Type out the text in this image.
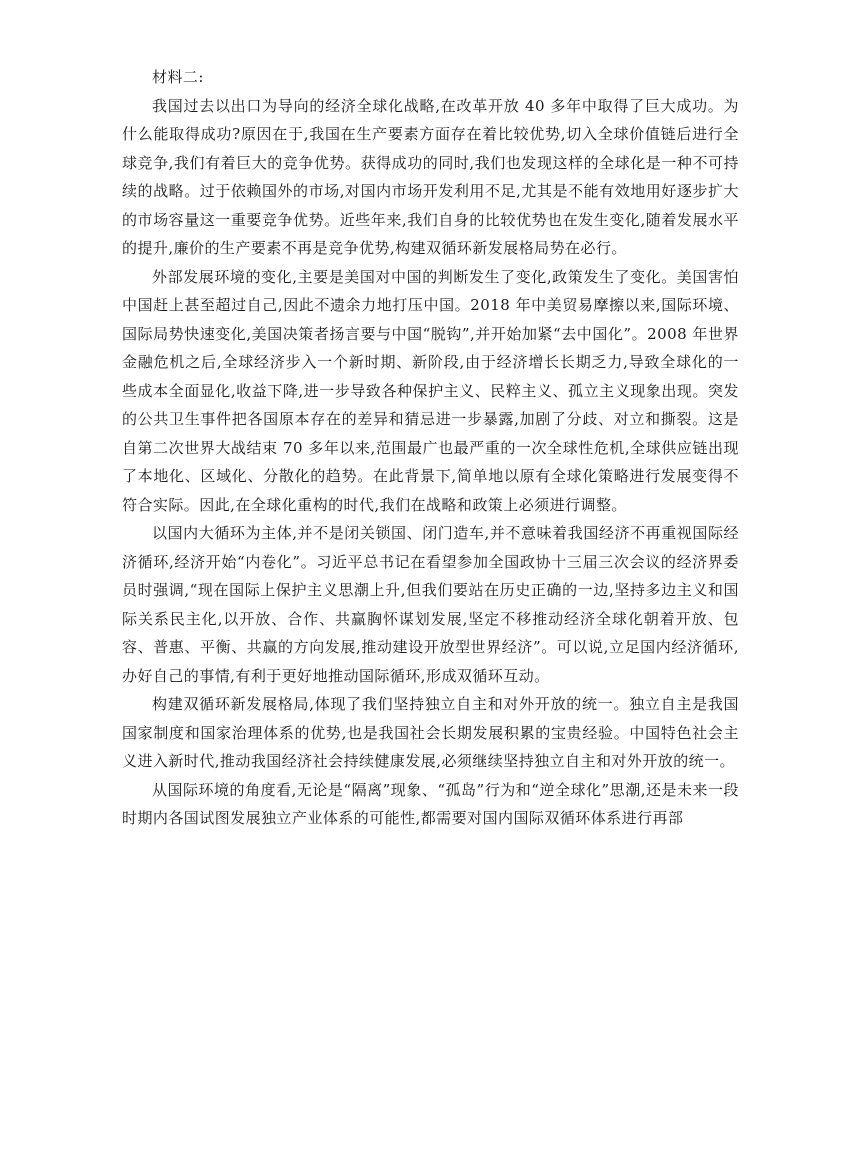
材料二:

我国过去以出口为导向的经济全球化战略,在改革开放 40 多年中取得了巨大成功。为什么能取得成功?原因在于,我国在生产要素方面存在着比较优势,切入全球价值链后进行全球竞争,我们有着巨大的竞争优势。获得成功的同时,我们也发现这样的全球化是一种不可持续的战略。过于依赖国外的市场,对国内市场开发利用不足,尤其是不能有效地用好逐步扩大的市场容量这一重要竞争优势。近些年来,我们自身的比较优势也在发生变化,随着发展水平的提升,廉价的生产要素不再是竞争优势,构建双循环新发展格局势在必行。

外部发展环境的变化,主要是美国对中国的判断发生了变化,政策发生了变化。美国害怕中国赶上甚至超过自己,因此不遗余力地打压中国。2018 年中美贸易摩擦以来,国际环境、国际局势快速变化,美国决策者扬言要与中国“脱钩”,并开始加紧“去中国化”。2008 年世界金融危机之后,全球经济步入一个新时期、新阶段,由于经济增长长期乏力,导致全球化的一些成本全面显化,收益下降,进一步导致各种保护主义、民粹主义、孤立主义现象出现。突发的公共卫生事件把各国原本存在的差异和猜忌进一步暴露,加剧了分歧、对立和撕裂。这是自第二次世界大战结束 70 多年以来,范围最广也最严重的一次全球性危机,全球供应链出现了本地化、区域化、分散化的趋势。在此背景下,简单地以原有全球化策略进行发展变得不符合实际。因此,在全球化重构的时代,我们在战略和政策上必须进行调整。

以国内大循环为主体,并不是闭关锁国、闭门造车,并不意味着我国经济不再重视国际经济循环,经济开始“内卷化”。习近平总书记在看望参加全国政协十三届三次会议的经济界委员时强调,“现在国际上保护主义思潮上升,但我们要站在历史正确的一边,坚持多边主义和国际关系民主化,以开放、合作、共赢胸怀谋划发展,坚定不移推动经济全球化朝着开放、包容、普惠、平衡、共赢的方向发展,推动建设开放型世界经济”。可以说,立足国内经济循环,办好自己的事情,有利于更好地推动国际循环,形成双循环互动。

构建双循环新发展格局,体现了我们坚持独立自主和对外开放的统一。独立自主是我国国家制度和国家治理体系的优势,也是我国社会长期发展积累的宝贵经验。中国特色社会主义进入新时代,推动我国经济社会持续健康发展,必须继续坚持独立自主和对外开放的统一。

从国际环境的角度看,无论是“隔离”现象、“孤岛”行为和“逆全球化”思潮,还是未来一段时期内各国试图发展独立产业体系的可能性,都需要对国内国际双循环体系进行再部
